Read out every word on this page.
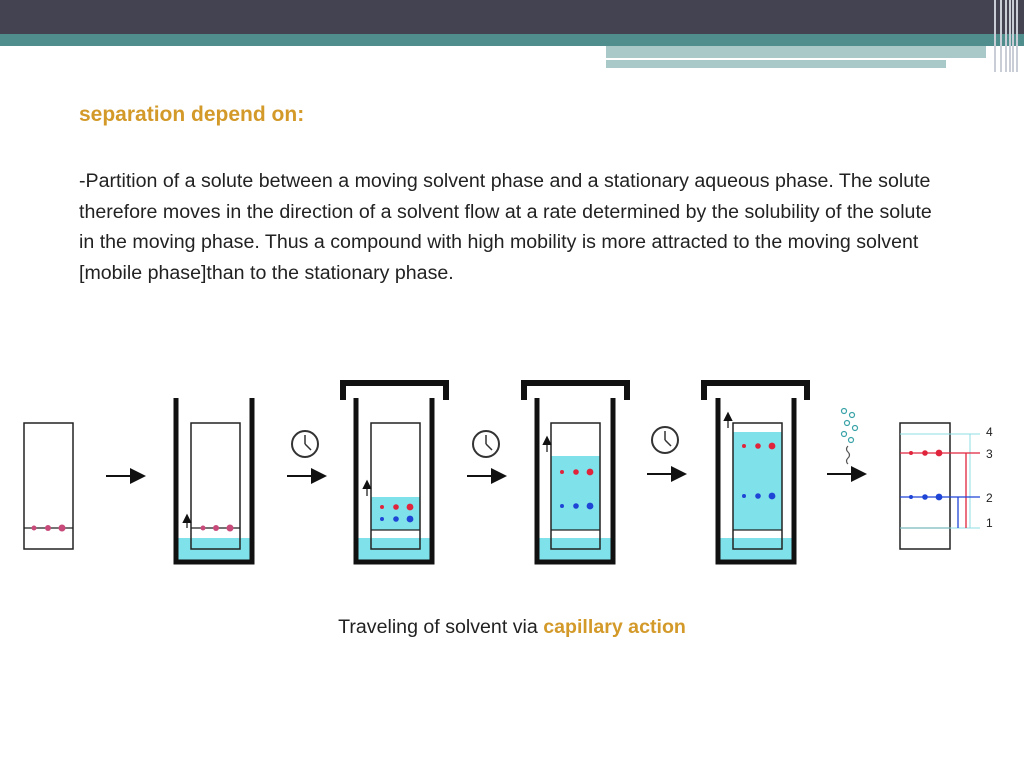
separation depend on:

-Partition of a solute between a moving solvent phase and a stationary aqueous phase. The solute therefore moves in the direction of a solvent flow at a rate determined by the solubility of the solute in the moving phase. Thus a compound with high mobility is more attracted to the moving solvent [mobile phase]than to the stationary phase.

4
3
2
1
Traveling of solvent via capillary action
